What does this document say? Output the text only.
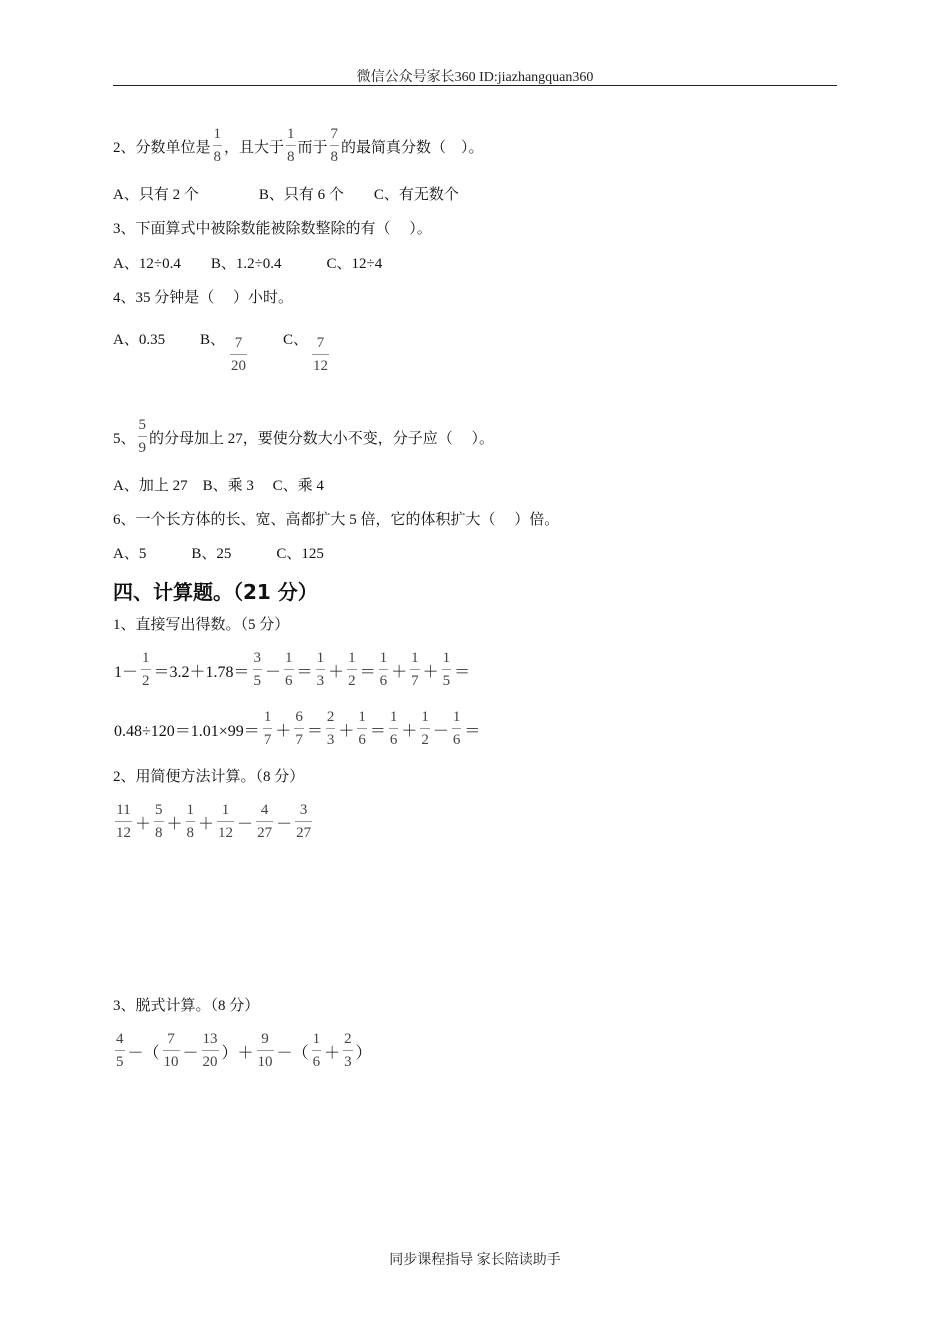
微信公众号家长360 ID:jiazhangquan360
2、分数单位是 $\frac{1}{8}$ ，且大于 $\frac{1}{8}$ 而于 $\frac{7}{8}$ 的最简真分数（　）。
A、只有 2 个　　　　B、只有 6 个　　C、有无数个
3、下面算式中被除数能被除数整除的有（　 ）。
A、12÷0.4　　B、1.2÷0.4　　　C、12÷4
4、35 分钟是（　 ）小时。
A、0.35 B、 $\frac{7}{20}$ C、 $\frac{7}{12}$
5、 $\frac{5}{9}$ 的分母加上 27，要使分数大小不变，分子应（　 ）。
A、加上 27　B、乘 3　 C、乘 4
6、一个长方体的长、宽、高都扩大 5 倍，它的体积扩大（　 ）倍。
A、5　　　B、25　　　C、125
四、计算题。（21 分）
1、直接写出得数。（5 分）
$1- \frac{1}{2} =3.2+1.78= \frac{3}{5} - \frac{1}{6} = \frac{1}{3} + \frac{1}{2} = \frac{1}{6} + \frac{1}{7} + \frac{1}{5}$ ＝
$0.48\div 120=1.01\times 99= \frac{1}{7} + \frac{6}{7} = \frac{2}{3} + \frac{1}{6} = \frac{1}{6} + \frac{1}{2} - \frac{1}{6}$ ＝
2、用简便方法计算。（8 分）
$\frac{11}{12} + \frac{5}{8} + \frac{1}{8} + \frac{1}{12} - \frac{4}{27} - \frac{3}{27}$
3、脱式计算。（8 分）
$\frac{4}{5}$ －（ $\frac{7}{10} - \frac{13}{20}$ ）＋ $\frac{9}{10}$ －（ $\frac{1}{6} + \frac{2}{3}$ ）
同步课程指导 家长陪读助手
